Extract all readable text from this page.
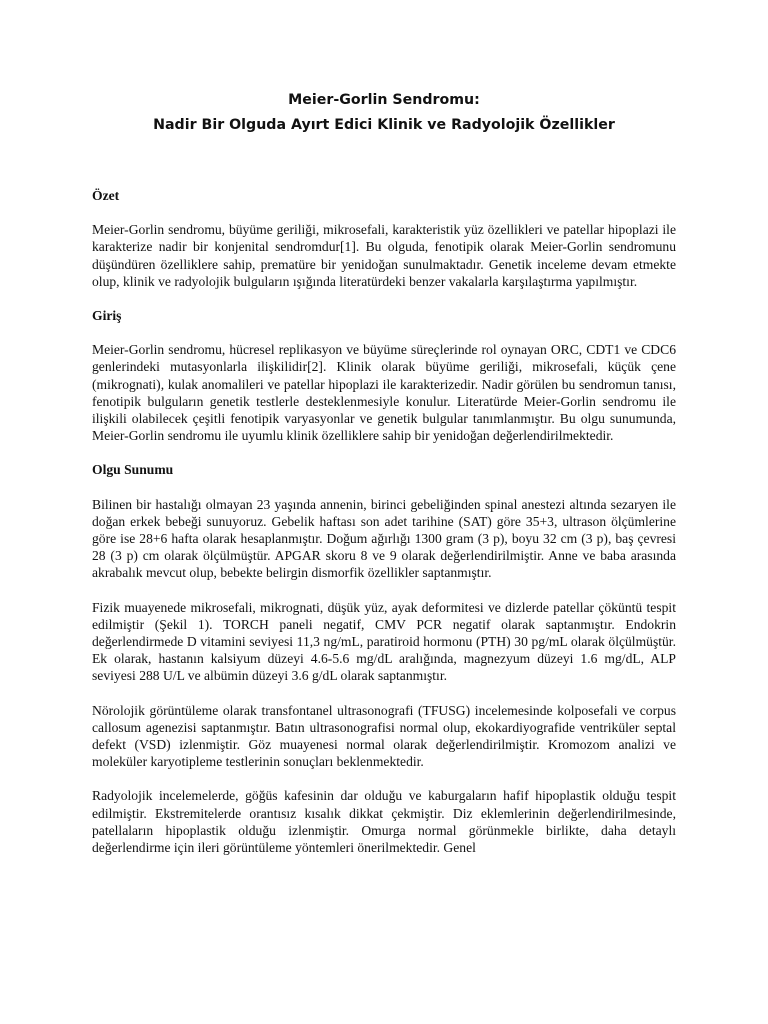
Meier-Gorlin Sendromu:
Nadir Bir Olguda Ayırt Edici Klinik ve Radyolojik Özellikler
Özet

Meier-Gorlin sendromu, büyüme geriliği, mikrosefali, karakteristik yüz özellikleri ve patellar hipoplazi ile karakterize nadir bir konjenital sendromdur[1]. Bu olguda, fenotipik olarak Meier-Gorlin sendromunu düşündüren özelliklere sahip, prematüre bir yenidoğan sunulmaktadır. Genetik inceleme devam etmekte olup, klinik ve radyolojik bulguların ışığında literatürdeki benzer vakalarla karşılaştırma yapılmıştır.

Giriş

Meier-Gorlin sendromu, hücresel replikasyon ve büyüme süreçlerinde rol oynayan ORC, CDT1 ve CDC6 genlerindeki mutasyonlarla ilişkilidir[2]. Klinik olarak büyüme geriliği, mikrosefali, küçük çene (mikrognati), kulak anomalileri ve patellar hipoplazi ile karakterizedir. Nadir görülen bu sendromun tanısı, fenotipik bulguların genetik testlerle desteklenmesiyle konulur. Literatürde Meier-Gorlin sendromu ile ilişkili olabilecek çeşitli fenotipik varyasyonlar ve genetik bulgular tanımlanmıştır. Bu olgu sunumunda, Meier-Gorlin sendromu ile uyumlu klinik özelliklere sahip bir yenidoğan değerlendirilmektedir.

Olgu Sunumu

Bilinen bir hastalığı olmayan 23 yaşında annenin, birinci gebeliğinden spinal anestezi altında sezaryen ile doğan erkek bebeği sunuyoruz. Gebelik haftası son adet tarihine (SAT) göre 35+3, ultrason ölçümlerine göre ise 28+6 hafta olarak hesaplanmıştır. Doğum ağırlığı 1300 gram (3 p), boyu 32 cm (3 p), baş çevresi 28 (3 p) cm olarak ölçülmüştür. APGAR skoru 8 ve 9 olarak değerlendirilmiştir. Anne ve baba arasında akrabalık mevcut olup, bebekte belirgin dismorfik özellikler saptanmıştır.

Fizik muayenede mikrosefali, mikrognati, düşük yüz, ayak deformitesi ve dizlerde patellar çöküntü tespit edilmiştir (Şekil 1). TORCH paneli negatif, CMV PCR negatif olarak saptanmıştır. Endokrin değerlendirmede D vitamini seviyesi 11,3 ng/mL, paratiroid hormonu (PTH) 30 pg/mL olarak ölçülmüştür. Ek olarak, hastanın kalsiyum düzeyi 4.6-5.6 mg/dL aralığında, magnezyum düzeyi 1.6 mg/dL, ALP seviyesi 288 U/L ve albümin düzeyi 3.6 g/dL olarak saptanmıştır.

Nörolojik görüntüleme olarak transfontanel ultrasonografi (TFUSG) incelemesinde kolposefali ve corpus callosum agenezisi saptanmıştır. Batın ultrasonografisi normal olup, ekokardiyografide ventriküler septal defekt (VSD) izlenmiştir. Göz muayenesi normal olarak değerlendirilmiştir. Kromozom analizi ve moleküler karyotipleme testlerinin sonuçları beklenmektedir.

Radyolojik incelemelerde, göğüs kafesinin dar olduğu ve kaburgaların hafif hipoplastik olduğu tespit edilmiştir. Ekstremitelerde orantısız kısalık dikkat çekmiştir. Diz eklemlerinin değerlendirilmesinde, patellaların hipoplastik olduğu izlenmiştir. Omurga normal görünmekle birlikte, daha detaylı değerlendirme için ileri görüntüleme yöntemleri önerilmektedir. Genel
